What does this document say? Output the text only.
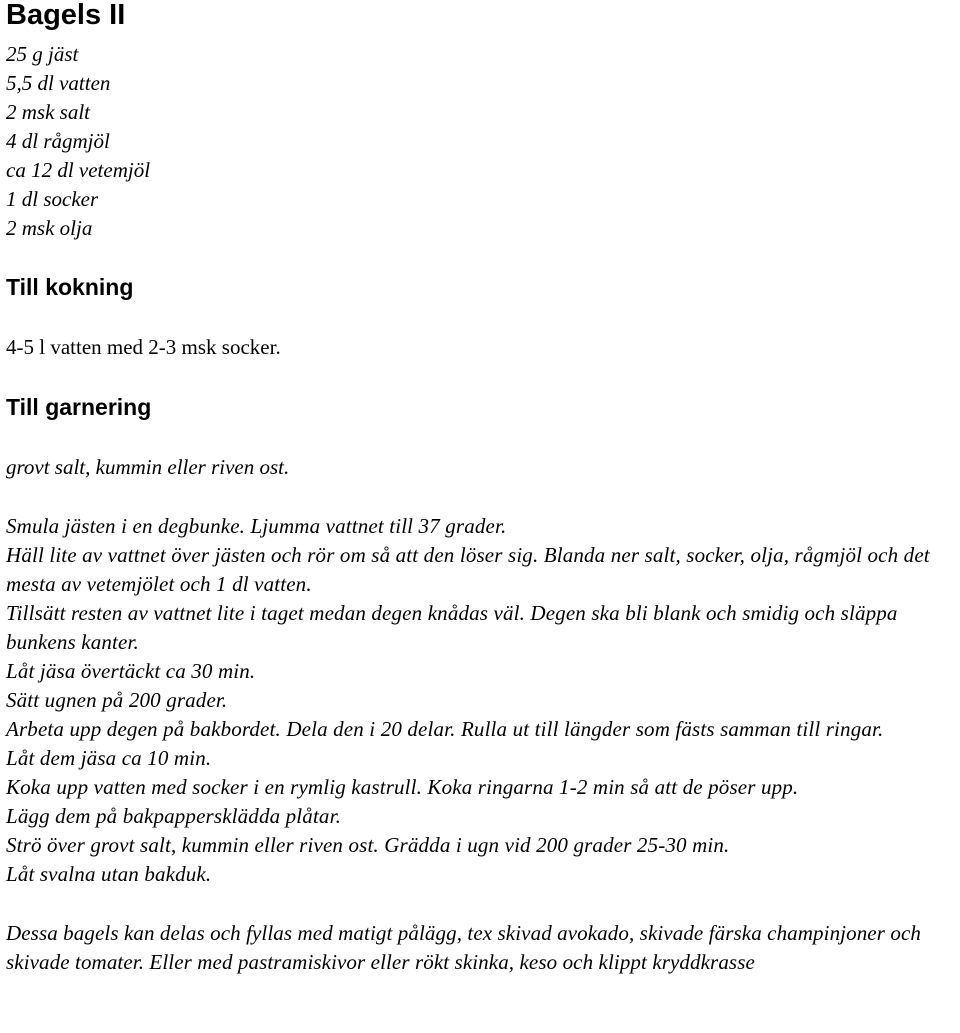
Bagels II
25 g jäst
5,5 dl vatten
2 msk salt
4 dl rågmjöl
ca 12 dl vetemjöl
1 dl socker
2 msk olja
Till kokning

4-5 l vatten med 2-3 msk socker.

Till garnering

grovt salt, kummin eller riven ost.

Smula jästen i en degbunke. Ljumma vattnet till 37 grader.
Häll lite av vattnet över jästen och rör om så att den löser sig. Blanda ner salt, socker, olja, rågmjöl och det mesta av vetemjölet och 1 dl vatten.
Tillsätt resten av vattnet lite i taget medan degen knådas väl. Degen ska bli blank och smidig och släppa bunkens kanter.
Låt jäsa övertäckt ca 30 min.
Sätt ugnen på 200 grader.
Arbeta upp degen på bakbordet. Dela den i 20 delar. Rulla ut till längder som fästs samman till ringar.
Låt dem jäsa ca 10 min.
Koka upp vatten med socker i en rymlig kastrull. Koka ringarna 1-2 min så att de pöser upp.
Lägg dem på bakpappersklädda plåtar.
Strö över grovt salt, kummin eller riven ost. Grädda i ugn vid 200 grader 25-30 min.
Låt svalna utan bakduk.

Dessa bagels kan delas och fyllas med matigt pålägg, tex skivad avokado, skivade färska champinjoner och skivade tomater. Eller med pastramiskivor eller rökt skinka, keso och klippt kryddkrasse
